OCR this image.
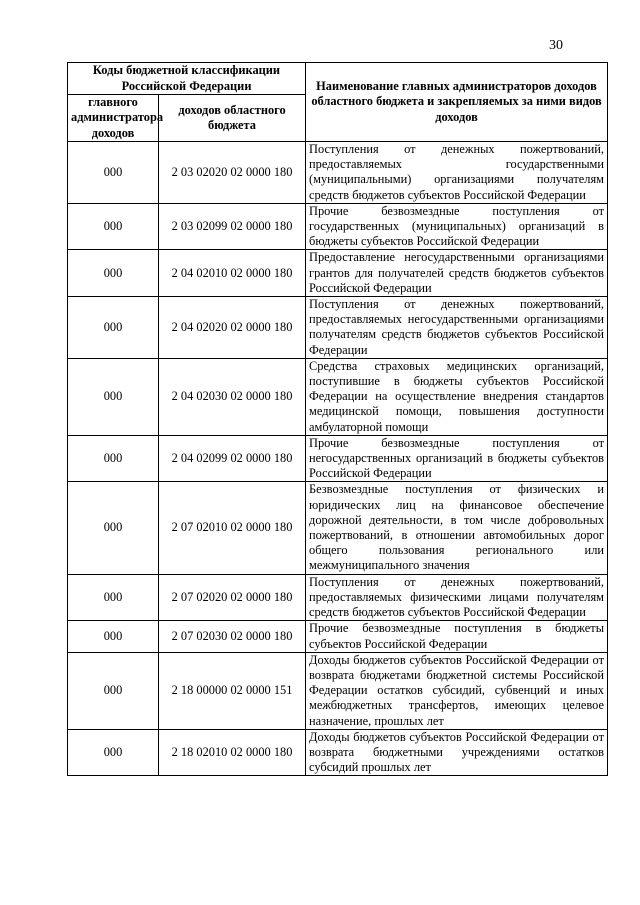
30
Коды бюджетной классификации Российской Федерации		Наименование главных администраторов доходов областного бюджета и закрепляемых за ними видов доходов
главного администратора доходов	доходов областного бюджета	
000	2 03 02020 02 0000 180	Поступления от денежных пожертвований, предоставляемых государственными (муниципальными) организациями получателям средств бюджетов субъектов Российской Федерации
000	2 03 02099 02 0000 180	Прочие безвозмездные поступления от государственных (муниципальных) организаций в бюджеты субъектов Российской Федерации
000	2 04 02010 02 0000 180	Предоставление негосударственными организациями грантов для получателей средств бюджетов субъектов Российской Федерации
000	2 04 02020 02 0000 180	Поступления от денежных пожертвований, предоставляемых негосударственными организациями получателям средств бюджетов субъектов Российской Федерации
000	2 04 02030 02 0000 180	Средства страховых медицинских организаций, поступившие в бюджеты субъектов Российской Федерации на осуществление внедрения стандартов медицинской помощи, повышения доступности амбулаторной помощи
000	2 04 02099 02 0000 180	Прочие безвозмездные поступления от негосударственных организаций в бюджеты субъектов Российской Федерации
000	2 07 02010 02 0000 180	Безвозмездные поступления от физических и юридических лиц на финансовое обеспечение дорожной деятельности, в том числе добровольных пожертвований, в отношении автомобильных дорог общего пользования регионального или межмуниципального значения
000	2 07 02020 02 0000 180	Поступления от денежных пожертвований, предоставляемых физическими лицами получателям средств бюджетов субъектов Российской Федерации
000	2 07 02030 02 0000 180	Прочие безвозмездные поступления в бюджеты субъектов Российской Федерации
000	2 18 00000 02 0000 151	Доходы бюджетов субъектов Российской Федерации от возврата бюджетами бюджетной системы Российской Федерации остатков субсидий, субвенций и иных межбюджетных трансфертов, имеющих целевое назначение, прошлых лет
000	2 18 02010 02 0000 180	Доходы бюджетов субъектов Российской Федерации от возврата бюджетными учреждениями остатков субсидий прошлых лет
